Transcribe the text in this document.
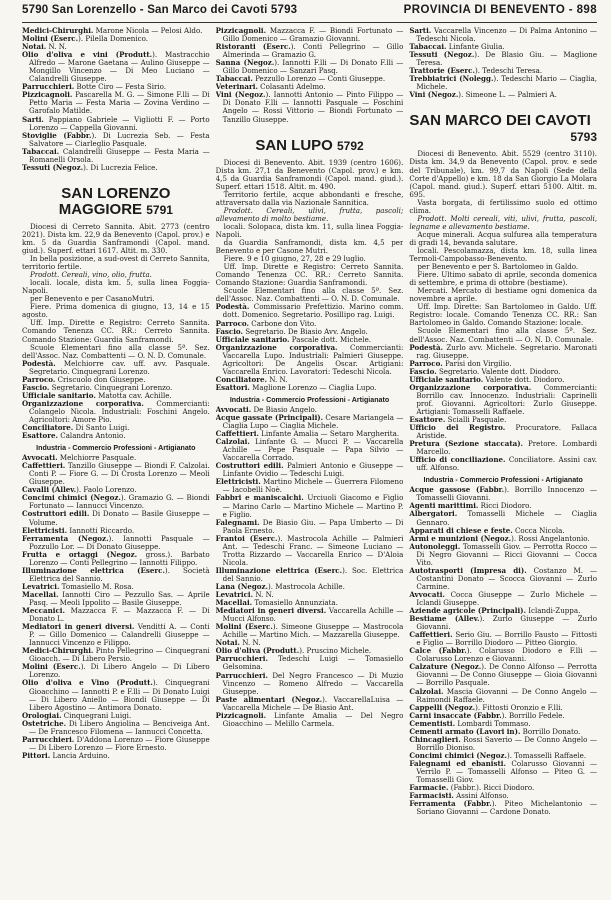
5790 San Lorenzello - San Marco dei Cavoti 5793	PROVINCIA DI BENEVENTO - 898

Medici-Chirurghi. Marone Nicola — Pelosi Aldo.

Molini (Eserc.). Pilella Domenico.

Notai. N. N.

Olio d'oliva e vini (Produtt.). Mastracchio Alfredo — Marone Gaetana — Aulino Giuseppe — Mongillo Vincenzo — Di Meo Luciano — Calandrelli Giuseppe.

Parrucchieri. Botte Ciro — Festa Sirio.

Pizzicagnoli. Pascarella M. G. — Simone F.lli — Di Petto Maria — Festa Maria — Zovina Verdino — Garofalo Matilde.

Sarti. Pappiano Gabriele — Vigliotti F. — Porto Lorenzo — Cappella Giovanni.

Stoviglie (Fabbr.). Di Lucrezia Seb. — Festa Salvatore — Ciarleglio Pasquale.

Tabaccai. Calandrelli Giuseppe — Festa Maria — Romanelli Orsola.

Tessuti (Negoz.). Di Lucrezia Felice.

SAN LORENZO
MAGGIORE 5791

Diocesi di Cerreto Sannita. Abit. 2773 (centro 2021). Dista km. 22,9 da Benevento (Capol. prov.) e km. 5 da Guardia Sanframondi (Capol. mand. giud.). Superf. ettari 1617. Altit. m. 330.

In bella posizione, a sud-ovest di Cerreto Sannita, territorio fertile.

Prodott. Cereali, vino, olio, frutta.

locali. locale, dista km. 5, sulla linea Foggia-Napoli.

per Benevento e per CasanoMutri.

Fiere. Prima domenica di giugno, 13, 14 e 15 agosto.

Uff. Imp. Dirette e Registro: Cerreto Sannita. Comando Tenenza CC. RR.: Cerreto Sannita. Comando Stazione: Guardia Sanframondi.

Scuole Elementari fino alla classe 5ª. Sez. dell'Assoc. Naz. Combattenti — O. N. D. Comunale.

Podestà. Melchiorre cav. uff. avv. Pasquale. Segretario. Cinquegrani Lorenzo.

Parroco. Criscuolo don Giuseppe.

Fascio. Segretario. Cinquegrani Lorenzo.

Ufficiale sanitario. Matotta cav. Achille.

Organizzazione corporativa. Commercianti: Colangelo Nicola. Industriali: Foschini Angelo. Agricoltori: Amore Pio.

Conciliatore. Di Santo Luigi.

Esattore. Calandra Antonio.

Industria - Commercio Professioni - Artigianato

Avvocati. Melchiorre Pasquale.

Caffettieri. Tanzillo Giuseppe — Biondi F. Calzolai. Conti P. — Fiore G. — Di Crosta Lorenzo — Meoli Giuseppe.

Cavalli (Allev.). Faolo Lorenzo.

Concimi chimici (Negoz.). Gramazio G. — Biondi Fortunato — Iannucci Vincenzo.

Costruttori edili. Di Donato — Basile Giuseppe — Volume.

Elettricisti. Iannotti Riccardo.

Ferramenta (Negoz.). Iannotti Pasquale — Pozzullo Lor. — Di Donato Giuseppe.

Frutta e ortaggi (Negoz. gross.). Barbato Lorenzo — Conti Pellegrino — Iannotti Filippo.

Illuminazione elettrica (Eserc.). Società Elettrica del Sannio.

Levatrici. Tomasiello M. Rosa.

Macellai. Iannotti Ciro — Pezzullo Sas. — Aprile Pasq. — Meoli Ippolito — Basile Giuseppe.

Meccanici. Mazzacca F. — Mazzacca F. — Di Donato L.

Mediatori in generi diversi. Venditti A. — Conti P. — Gillo Domenico — Calandrelli Giuseppe — Iannucci Vincenzo e Filippo.

Medici-Chirurghi. Pinto Pellegrino — Cinquegrani Gioacch. — Di Libero Persio.

Molini (Eserc.). Di Libero Angelo — Di Libero Lorenzo.

Olio d'oliva e Vino (Produtt.). Cinquegrani Gioacchino — Iannotti P. e F.lli — Di Donato Luigi — Di Libero Aniello — Biondi Giuseppe — Di Libero Agostino — Antimora Donato.

Orologiai. Cinquegrani Luigi.

Ostetriche. Di Libero Angiolina — Benciveiga Ant. — De Francesco Filomena — Iannucci Concetta.

Parrucchieri. D'Addona Lorenzo — Fiore Giuseppe — Di Libero Lorenzo — Fiore Ernesto.

Pittori. Lancia Arduino.

Pizzicagnoli. Mazzacca F. — Biondi Fortunato — Gillo Domenico — Gramazio Giovanni.

Ristoranti (Eserc.). Conti Pellegrino — Gillo Almerinda — Gramazio G.

Sanna (Negoz.). Iannotti F.lli — Di Donato F.lli — Gillo Domenico — Sanzari Pasq.

Tabaccai. Pezzullo Lorenzo — Conti Giuseppe.

Veterinari. Colasanti Adelmo.

Vini (Negoz.). Iannotti Antonio — Pinto Filippo — Di Donato F.lli — Iannotti Pasquale — Foschini Angelo — Rossi Vittorio — Biondi Fortunato — Tanzillo Giuseppe.

SAN LUPO 5792

Diocesi di Benevento. Abit. 1939 (centro 1606). Dista km. 27,1 da Benevento (Capol. prov.) e km. 4,5 da Guardia Sanframondi (Capol. mand. giud.). Superf. ettari 1518. Altit. m. 490.

Territorio fertile, acque abbondanti e fresche, attraversato dalla via Nazionale Sannitica.

Prodott. Cereali, ulivi, frutta, pascoli; allevamento di molto bestiame.

locali. Solopaca, dista km. 11, sulla linea Foggia-Napoli.

da Guardia Sanframondi, dista km. 4,5 per Benevento e per Casone Mutri.

Fiere. 9 e 10 giugno, 27, 28 e 29 luglio.

Uff. Imp. Dirette e Registro: Cerreto Sannita. Comando Tenenza CC. RR.: Cerreto Sannita. Comando Stazione: Guardia Sanframondi.

Scuole Elementari fino alla classe 5ª. Sez. dell'Assoc. Naz. Combattenti — O. N. D. Comunale.

Podestà. Commissario Prefettizio. Marino comm. dott. Domenico. Segretario. Posillipo rag. Luigi.

Parroco. Carbone don Vito.

Fascio. Segretario. De Biasio Avv. Angelo.

Ufficiale sanitario. Pascale dott. Michele.

Organizzazione corporativa. Commercianti: Vaccarella Lupo. Industriali: Palmieri Giuseppe. Agricoltori: De Angelis Oscar. Artigiani: Vaccarella Enrico. Lavoratori: Tedeschi Nicola.

Conciliatore. N. N.

Esattori. Maglione Lorenzo — Ciaglia Lupo.

Industria - Commercio Professioni - Artigianato

Avvocati. De Biasio Angelo.

Acque gassate (Principali). Cesare Mariangela — Ciaglia Lupo — Ciaglia Michele.

Caffettieri. Linfante Amalia — Setaro Margherita.

Calzolai. Linfante G. — Mucci P. — Vaccarella Achille — Pepe Pasquale — Papa Silvio — Vaccarella Corrado.

Costruttori edili. Palmieri Antonio e Giuseppe — Linfante Ovidio — Tedeschi Luigi.

Elettricisti. Martino Michele — Guerrera Filomeno — Iacobelli Noè.

Fabbri e maniscalchi. Urciuoli Giacomo e Figlio — Marino Carlo — Martino Michele — Martino P. e Figlio.

Falegnami. De Biasio Giu. — Papa Umberto — Di Paola Ernesto.

Frantoi (Eserc.). Mastrocola Achille — Palmieri Ant. — Tedeschi Franc. — Simeone Luciano — Trotta Rizzardo — Vaccarella Enrico — D'Aloia Nicola.

Illuminazione elettrica (Eserc.). Soc. Elettrica del Sannio.

Lana (Negoz.). Mastrocola Achille.

Levatrici. N. N.

Macellai. Tomasiello Annunziata.

Mediatori in generi diversi. Vaccarella Achille — Mucci Alfonso.

Molini (Eserc.). Simeone Giuseppe — Mastrocola Achille — Martino Mich. — Mazzarella Giuseppe.

Notai. N. N.

Olio d'oliva (Produtt.). Pruscino Michele.

Parrucchieri. Tedeschi Luigi — Tomasiello Gelsomina.

Parrucchieri. Del Negro Francesco — Di Muzio Vincenzo — Romeno Alfredo — Vaccarella Giuseppe.

Paste alimentari (Negoz.). VaccarellaLuisa — Vaccarella Michele — De Biasio Ant.

Pizzicagnoli. Linfante Amalia — Del Negro Gioacchino — Melillo Carmela.

Sarti. Vaccarella Vincenzo — Di Palma Antonino — Tedeschi Nicola.

Tabaccai. Linfante Giulia.

Tessuti (Negoz.). De Blasio Giu. — Maglione Teresa.

Trattorie (Eserc.). Tedeschi Teresa.

Trebbiatrici (Nolegg.). Tedeschi Mario — Ciaglia, Michele.

Vini (Negoz.). Simeone L. — Palmieri A.

SAN MARCO DEI CAVOTI

5793

Diocesi di Benevento. Abit. 5529 (centro 3110). Dista km. 34,9 da Benevento (Capol. prov. e sede del Tribunale), km. 99,7 da Napoli (Sede della Corte d'Appello) e km. 18 da San Giorgio La Molara (Capol. mand. giud.). Superf. ettari 5100. Altit. m. 695.

Vasta borgata, di fertilissimo suolo ed ottimo clima.

Prodott. Molti cereali, viti, ulivi, frutta, pascoli, legname e allevamento bestiame.

Acque minerali. Acqua sulfurea alla temperatura di gradi 14, bevanda salutare.

locali. Pescolamazza, dista km. 18, sulla linea Termoli-Campobasso-Benevento.

per Benevento e per S. Bartolomeo in Galdo.

Fiere. Ultimo sabato di aprile, seconda domenica di settembre, e prima di ottobre (bestiame).

Mercati. Mercato di bestiame ogni domenica da novembre a aprile.

Uff. Imp. Dirette: San Bartolomeo in Galdo. Uff. Registro: locale. Comando Tenenza CC. RR.: San Bartolomeo in Galdo. Comando Stazione: locale.

Scuole Elementari fino alla classe 5ª. Sez. dell'Assoc. Naz. Combattenti — O. N. D. Comunale.

Podestà. Zurlo avv. Michele. Segretario. Maronati rag. Giuseppe.

Parroco. Parisi don Virgilio.

Fascio. Segretario. Valente dott. Diodoro.

Ufficiale sanitario. Valente dott. Diodoro.

Organizzazione corporativa. Commercianti: Borrillo cav. Innocenzo. Industriali: Caprinelli prof. Giovanni. Agricoltori: Zurlo Giuseppe. Artigiani: Tomasselli Raffaele.

Esattore. Scialli Pasquale.

Ufficio del Registro. Procuratore. Fallaca Aristide.

Pretura (Sezione staccata). Pretore. Lombardi Marcello.

Ufficio di conciliazione. Conciliatore. Assini cav. uff. Alfonso.

Industria - Commercio Professioni - Artigianato

Acque gassose (Fabbr.). Borrillo Innocenzo — Tomasselli Giovanni.

Agenti marittimi. Ricci Diodoro.

Albergatori. Tomasselli Michele — Ciaglia Gennaro.

Apparati di chiese e feste. Cocca Nicola.

Armi e munizioni (Negoz.). Rossi Angelantonio.

Autonoleggi. Tomasselli Giov. — Perrotta Rocco — Di Negro Giovanni — Ricci Giovanni — Cocca Vito.

Autotrasporti (Impresa di). Costanzo M. — Costantini Donato — Scocca Giovanni — Zurlo Carmine.

Avvocati. Cocca Giuseppe — Zurlo Michele — Iclandi Giuseppe.

Aziende agricole (Principali). Iclandi-Zuppa.

Bestiame (Allev.). Zurlo Giuseppe — Zurlo Giovanni.

Caffettieri. Serio Giu. — Borrillo Fausto — Fittosti e Figlio — Borrillo Diodoro — Pitteo Giorgio.

Calce (Fabbr.). Colarusso Diodoro e F.lli — Colarusso Lorenzo e Giovanni.

Calzature (Negoz.). De Conno Alfonso — Perrotta Giovanni — De Conno Giuseppe — Gioia Giovanni — Borrillo Pasquale.

Calzolai. Mascia Giovanni — De Conno Angelo — Raimondi Raffaele.

Cappelli (Negoz.). Fittosti Oronzio e F.lli.

Carni insaccate (Fabbr.). Borrillo Fedele.

Cementisti. Lombardi Tommaso.

Cementi armato (Lavori in). Borrillo Donato.

Chincaglieri. Rossi Saverio — De Conno Angelo — Borrillo Dioniso.

Concimi chimici (Negoz.). Tomasselli Raffaele.

Falegnami ed ebanisti. Colarusso Giovanni — Verrilo P. — Tomasselli Alfonso — Piteo G. — Tomasselli Giov.

Farmacie. (Fabbr.). Ricci Diodoro.

Farmacisti. Assini Alfonso.

Ferramenta (Fabbr.). Piteo Michelantonio — Soriano Giovanni — Cardone Donato.
